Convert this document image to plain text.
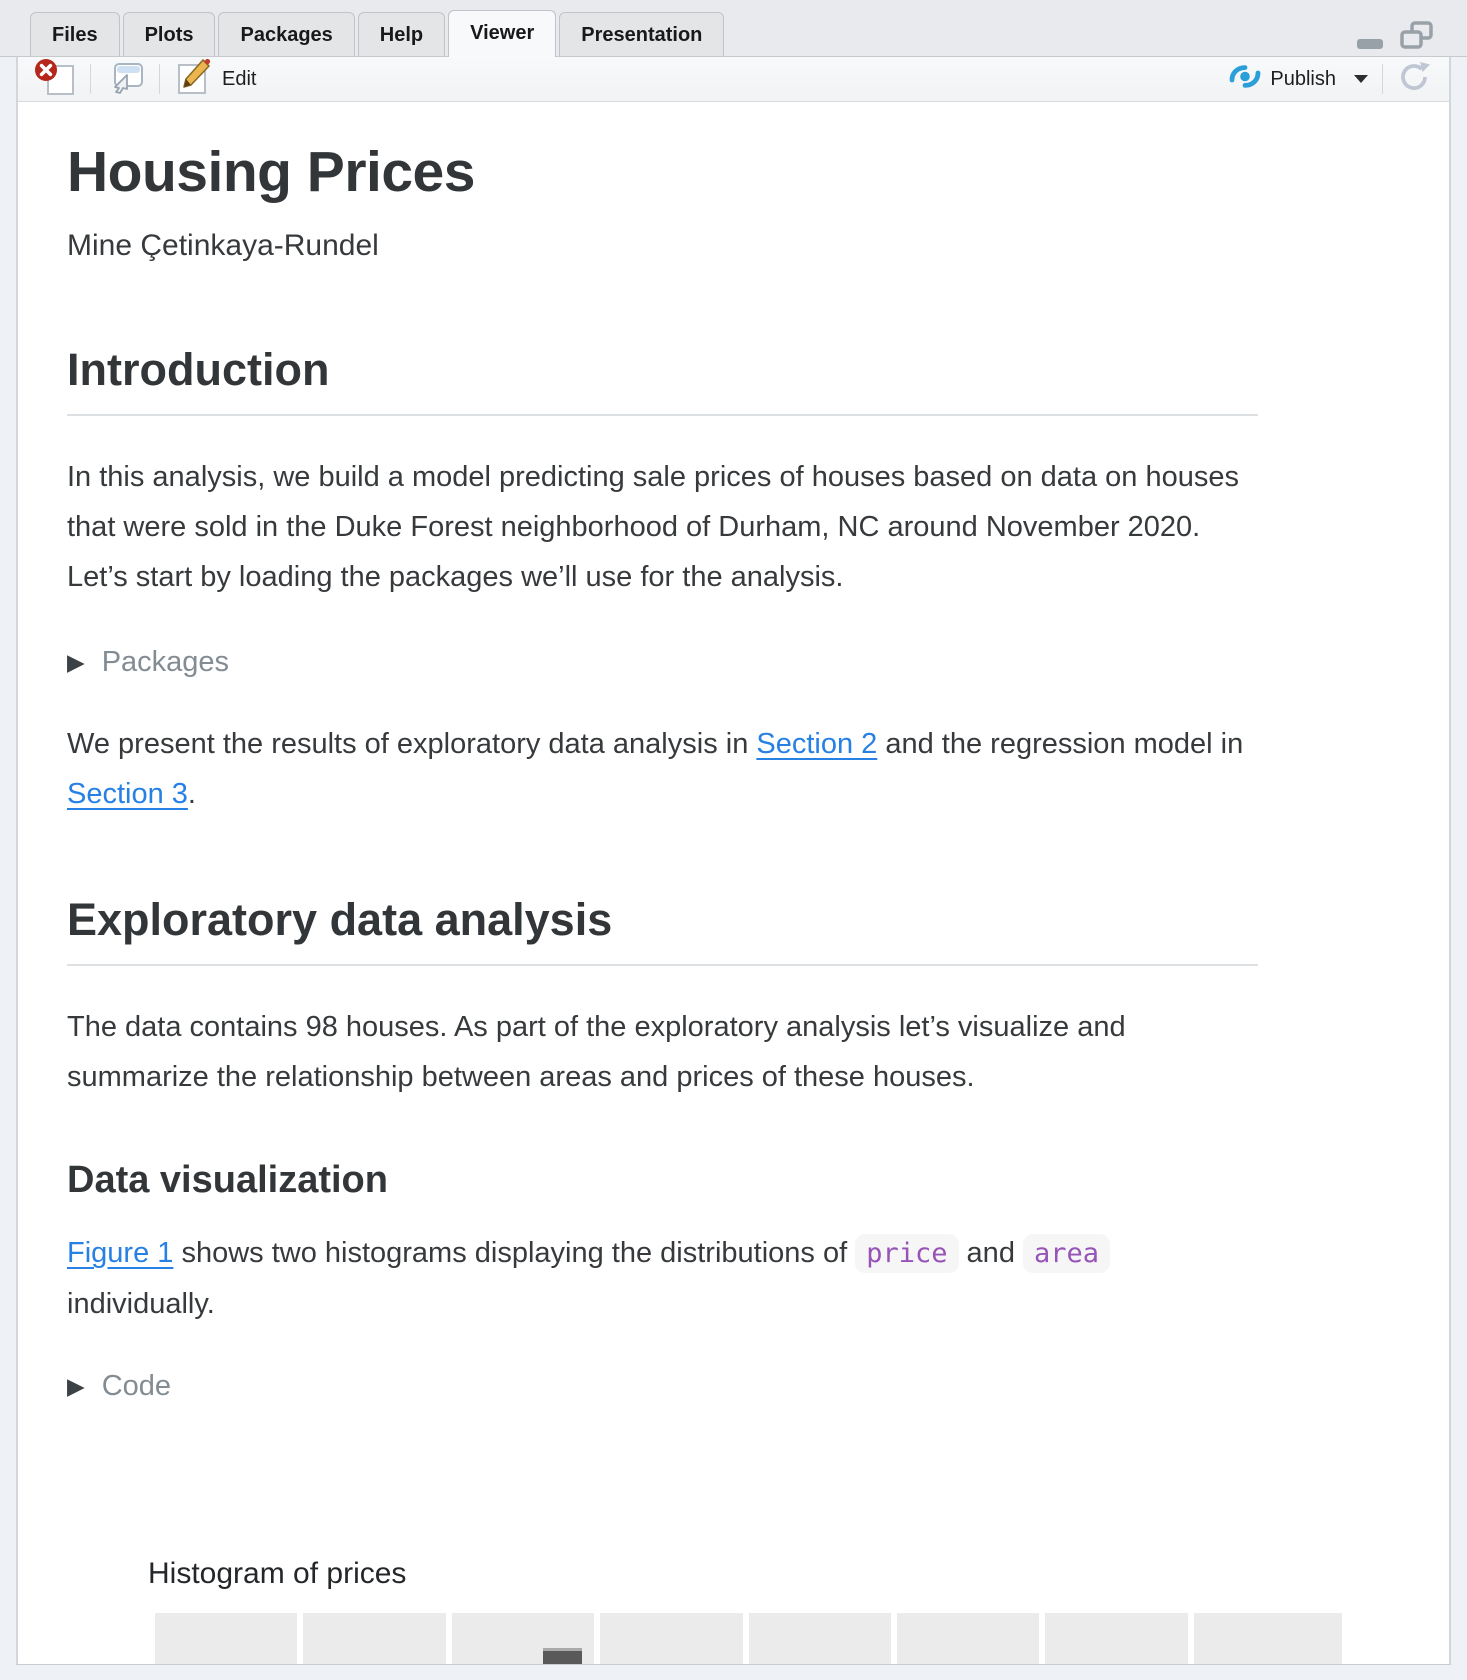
Files	Plots	Packages	Help	Viewer	Presentation
Edit	Publish
Housing Prices
Mine Çetinkaya-Rundel
Introduction

In this analysis, we build a model predicting sale prices of houses based on data on houses that were sold in the Duke Forest neighborhood of Durham, NC around November 2020. Let’s start by loading the packages we’ll use for the analysis.

▶ Packages

We present the results of exploratory data analysis in Section 2 and the regression model in Section 3.

Exploratory data analysis

The data contains 98 houses. As part of the exploratory analysis let’s visualize and summarize the relationship between areas and prices of these houses.

Data visualization

Figure 1 shows two histograms displaying the distributions of price and area individually.

▶ Code
Histogram of prices
